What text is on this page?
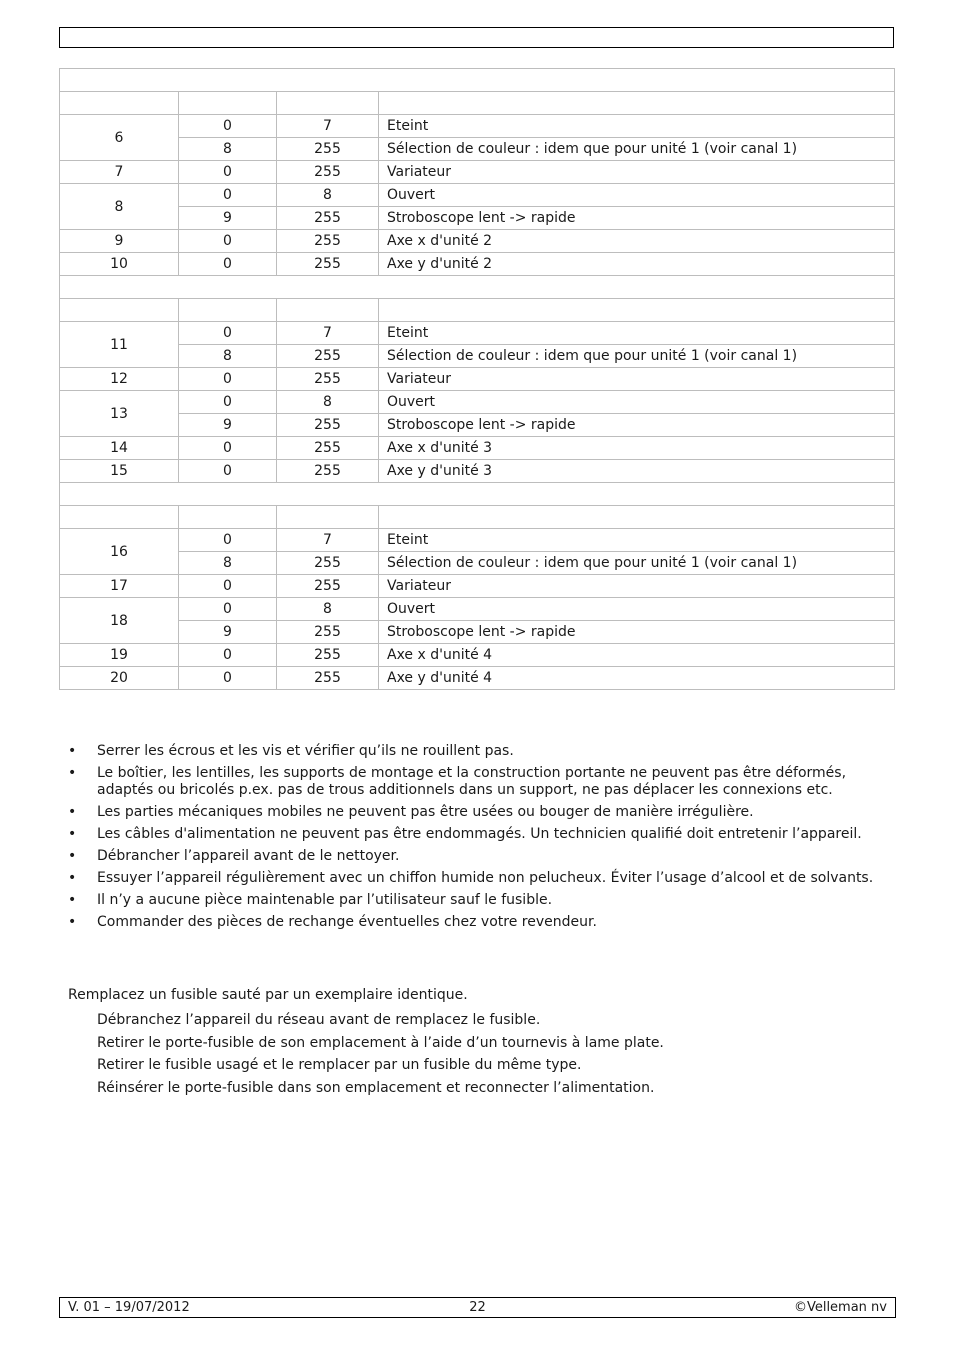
6	0	7	Eteint
	8	255	Sélection de couleur : idem que pour unité 1 (voir canal 1)
7	0	255	Variateur
8	0	8	Ouvert
	9	255	Stroboscope lent -> rapide
9	0	255	Axe x d'unité 2
10	0	255	Axe y d'unité 2

11	0	7	Eteint
	8	255	Sélection de couleur : idem que pour unité 1 (voir canal 1)
12	0	255	Variateur
13	0	8	Ouvert
	9	255	Stroboscope lent -> rapide
14	0	255	Axe x d'unité 3
15	0	255	Axe y d'unité 3

16	0	7	Eteint
	8	255	Sélection de couleur : idem que pour unité 1 (voir canal 1)
17	0	255	Variateur
18	0	8	Ouvert
	9	255	Stroboscope lent -> rapide
19	0	255	Axe x d'unité 4
20	0	255	Axe y d'unité 4
• Serrer les écrous et les vis et vérifier qu’ils ne rouillent pas.
• Le boîtier, les lentilles, les supports de montage et la construction portante ne peuvent pas être déformés, adaptés ou bricolés p.ex. pas de trous additionnels dans un support, ne pas déplacer les connexions etc.
• Les parties mécaniques mobiles ne peuvent pas être usées ou bouger de manière irrégulière.
• Les câbles d'alimentation ne peuvent pas être endommagés. Un technicien qualifié doit entretenir l’appareil.
• Débrancher l’appareil avant de le nettoyer.
• Essuyer l’appareil régulièrement avec un chiffon humide non pelucheux. Éviter l’usage d’alcool et de solvants.
• Il n’y a aucune pièce maintenable par l’utilisateur sauf le fusible.
• Commander des pièces de rechange éventuelles chez votre revendeur.
Remplacez un fusible sauté par un exemplaire identique.
Débranchez l’appareil du réseau avant de remplacez le fusible.
Retirer le porte-fusible de son emplacement à l’aide d’un tournevis à lame plate.
Retirer le fusible usagé et le remplacer par un fusible du même type.
Réinsérer le porte-fusible dans son emplacement et reconnecter l’alimentation.
22
V. 01 – 19/07/2012	©Velleman nv
